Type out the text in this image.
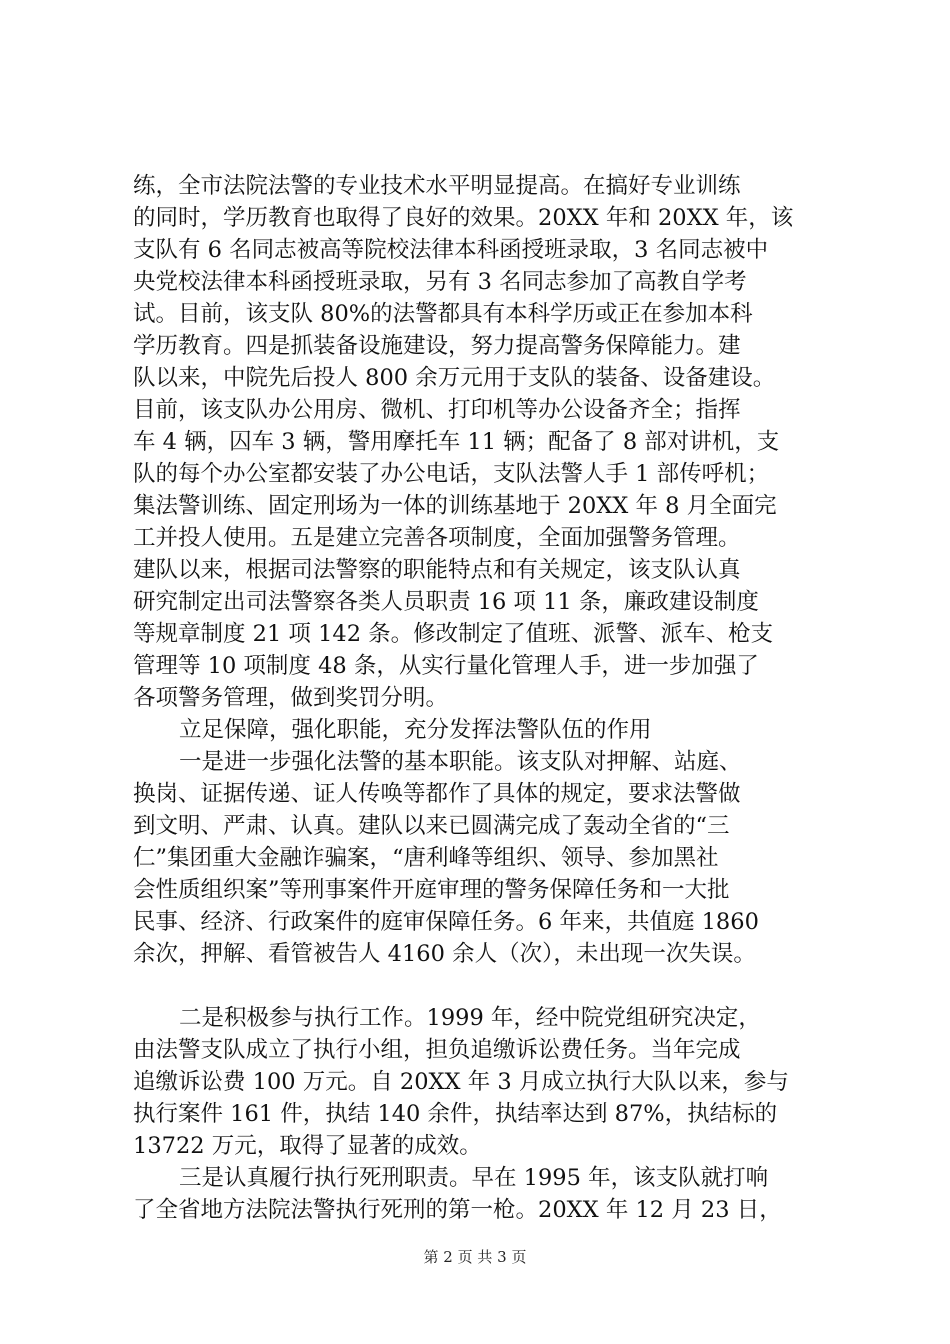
练，全市法院法警的专业技术水平明显提高。在搞好专业训练
的同时，学历教育也取得了良好的效果。20XX 年和 20XX 年，该
支队有 6 名同志被高等院校法律本科函授班录取，3 名同志被中
央党校法律本科函授班录取，另有 3 名同志参加了高教自学考
试。目前，该支队 80%的法警都具有本科学历或正在参加本科
学历教育。四是抓装备设施建设，努力提高警务保障能力。建
队以来，中院先后投人 800 余万元用于支队的装备、设备建设。
目前，该支队办公用房、微机、打印机等办公设备齐全；指挥
车 4 辆，囚车 3 辆，警用摩托车 11 辆；配备了 8 部对讲机，支
队的每个办公室都安装了办公电话，支队法警人手 1 部传呼机；
集法警训练、固定刑场为一体的训练基地于 20XX 年 8 月全面完
工并投人使用。五是建立完善各项制度，全面加强警务管理。
建队以来，根据司法警察的职能特点和有关规定，该支队认真
研究制定出司法警察各类人员职责 16 项 11 条，廉政建设制度
等规章制度 21 项 142 条。修改制定了值班、派警、派车、枪支
管理等 10 项制度 48 条，从实行量化管理人手，进一步加强了
各项警务管理，做到奖罚分明。
立足保障，强化职能，充分发挥法警队伍的作用
一是进一步强化法警的基本职能。该支队对押解、站庭、
换岗、证据传递、证人传唤等都作了具体的规定，要求法警做
到文明、严肃、认真。建队以来已圆满完成了轰动全省的“三
仁”集团重大金融诈骗案，“唐利峰等组织、领导、参加黑社
会性质组织案”等刑事案件开庭审理的警务保障任务和一大批
民事、经济、行政案件的庭审保障任务。6 年来，共值庭 1860
余次，押解、看管被告人 4160 余人（次），未出现一次失误。
二是积极参与执行工作。1999 年，经中院党组研究决定，
由法警支队成立了执行小组，担负追缴诉讼费任务。当年完成
追缴诉讼费 100 万元。自 20XX 年 3 月成立执行大队以来，参与
执行案件 161 件，执结 140 余件，执结率达到 87%，执结标的
13722 万元，取得了显著的成效。
三是认真履行执行死刑职责。早在 1995 年，该支队就打响
了全省地方法院法警执行死刑的第一枪。20XX 年 12 月 23 日，
第 2 页 共 3 页
